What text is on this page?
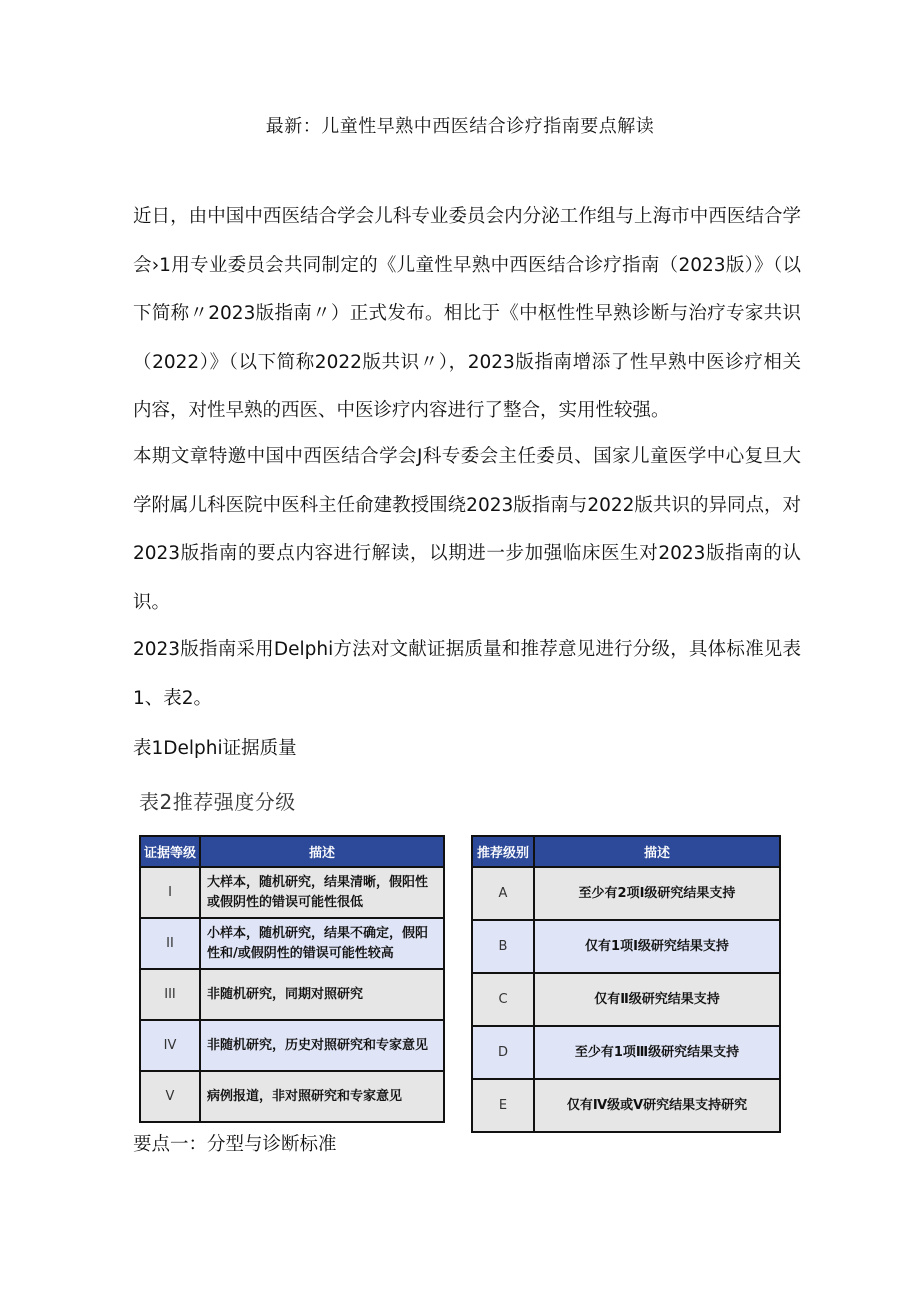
最新：儿童性早熟中西医结合诊疗指南要点解读

近日，由中国中西医结合学会儿科专业委员会内分泌工作组与上海市中西医结合学会›1用专业委员会共同制定的《儿童性早熟中西医结合诊疗指南（2023版）》（以下简称〃2023版指南〃）正式发布。相比于《中枢性性早熟诊断与治疗专家共识（2022）》（以下简称2022版共识〃），2023版指南增添了性早熟中医诊疗相关内容，对性早熟的西医、中医诊疗内容进行了整合，实用性较强。

本期文章特邀中国中西医结合学会J科专委会主任委员、国家儿童医学中心复旦大学附属儿科医院中医科主任俞建教授围绕2023版指南与2022版共识的异同点，对2023版指南的要点内容进行解读，以期进一步加强临床医生对2023版指南的认识。

2023版指南采用Delphi方法对文献证据质量和推荐意见进行分级，具体标准见表1、表2。

表1Delphi证据质量
表2推荐强度分级
证据等级	描述
I	大样本，随机研究，结果清晰，假阳性或假阴性的错误可能性很低
II	小样本，随机研究，结果不确定，假阳性和/或假阴性的错误可能性较高
III	非随机研究，同期对照研究
IV	非随机研究，历史对照研究和专家意见
V	病例报道，非对照研究和专家意见
推荐级别	描述
A	至少有2项I级研究结果支持
B	仅有1项Ⅰ级研究结果支持
C	仅有Ⅱ级研究结果支持
D	至少有1项Ⅲ级研究结果支持
E	仅有Ⅳ级或Ⅴ研究结果支持研究
要点一：分型与诊断标准
